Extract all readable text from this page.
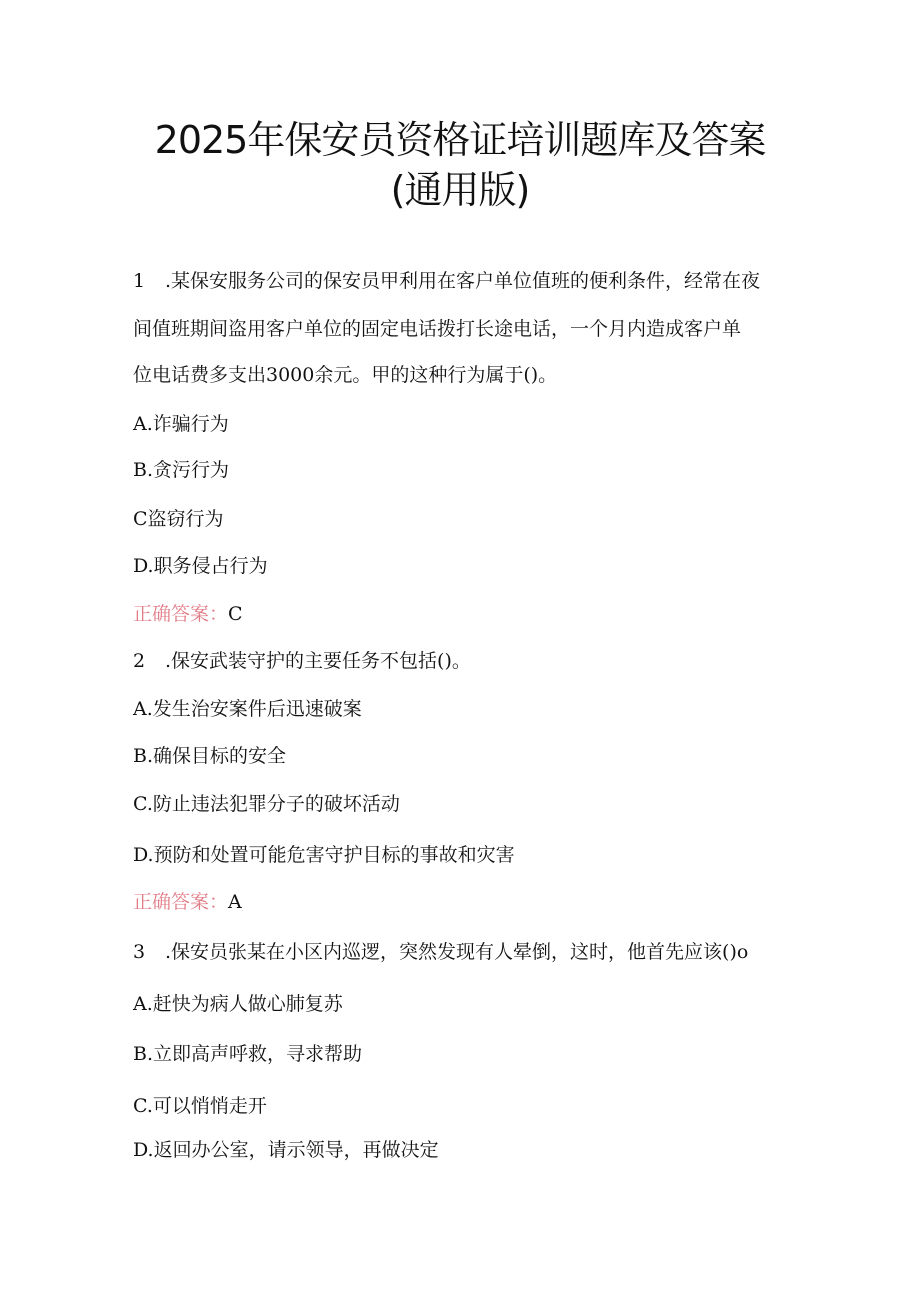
2025年保安员资格证培训题库及答案
(通用版)
1 .某保安服务公司的保安员甲利用在客户单位值班的便利条件，经常在夜
间值班期间盗用客户单位的固定电话拨打长途电话，一个月内造成客户单
位电话费多支出3000余元。甲的这种行为属于()。
A.诈骗行为
B.贪污行为
C盗窃行为
D.职务侵占行为
正确答案：C
2 .保安武装守护的主要任务不包括()。
A.发生治安案件后迅速破案
B.确保目标的安全
C.防止违法犯罪分子的破坏活动
D.预防和处置可能危害守护目标的事故和灾害
正确答案：A
3 .保安员张某在小区内巡逻，突然发现有人晕倒，这时，他首先应该()o
A.赶快为病人做心肺复苏
B.立即高声呼救，寻求帮助
C.可以悄悄走开
D.返回办公室，请示领导，再做决定
